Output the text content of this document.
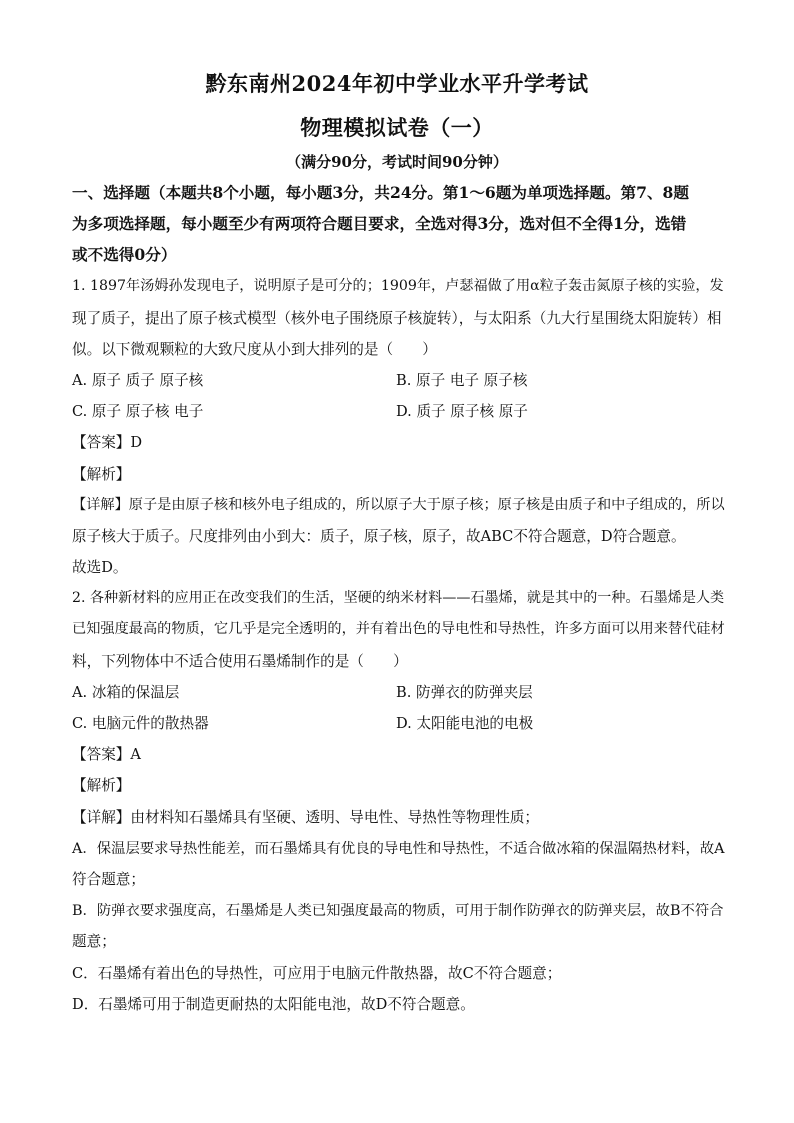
黔东南州2024年初中学业水平升学考试
物理模拟试卷（一）
（满分90分，考试时间90分钟）
一、选择题（本题共8个小题，每小题3分，共24分。第1～6题为单项选择题。第7、8题
为多项选择题，每小题至少有两项符合题目要求，全选对得3分，选对但不全得1分，选错
或不选得0分）
1. 1897年汤姆孙发现电子，说明原子是可分的；1909年，卢瑟福做了用α粒子轰击氮原子核的实验，发
现了质子，提出了原子核式模型（核外电子围绕原子核旋转），与太阳系（九大行星围绕太阳旋转）相
似。以下微观颗粒的大致尺度从小到大排列的是（　　）
A. 原子 质子 原子核	B. 原子 电子 原子核
C. 原子 原子核 电子	D. 质子 原子核 原子
【答案】D
【解析】
【详解】原子是由原子核和核外电子组成的，所以原子大于原子核；原子核是由质子和中子组成的，所以
原子核大于质子。尺度排列由小到大：质子，原子核，原子，故ABC不符合题意，D符合题意。
故选D。
2. 各种新材料的应用正在改变我们的生活，坚硬的纳米材料——石墨烯，就是其中的一种。石墨烯是人类
已知强度最高的物质，它几乎是完全透明的，并有着出色的导电性和导热性，许多方面可以用来替代硅材
料，下列物体中不适合使用石墨烯制作的是（　　）
A. 冰箱的保温层	B. 防弹衣的防弹夹层
C. 电脑元件的散热器	D. 太阳能电池的电极
【答案】A
【解析】
【详解】由材料知石墨烯具有坚硬、透明、导电性、导热性等物理性质；
A．保温层要求导热性能差，而石墨烯具有优良的导电性和导热性，不适合做冰箱的保温隔热材料，故A
符合题意；
B．防弹衣要求强度高，石墨烯是人类已知强度最高的物质，可用于制作防弹衣的防弹夹层，故B不符合
题意；
C．石墨烯有着出色的导热性，可应用于电脑元件散热器，故C不符合题意；
D．石墨烯可用于制造更耐热的太阳能电池，故D不符合题意。
